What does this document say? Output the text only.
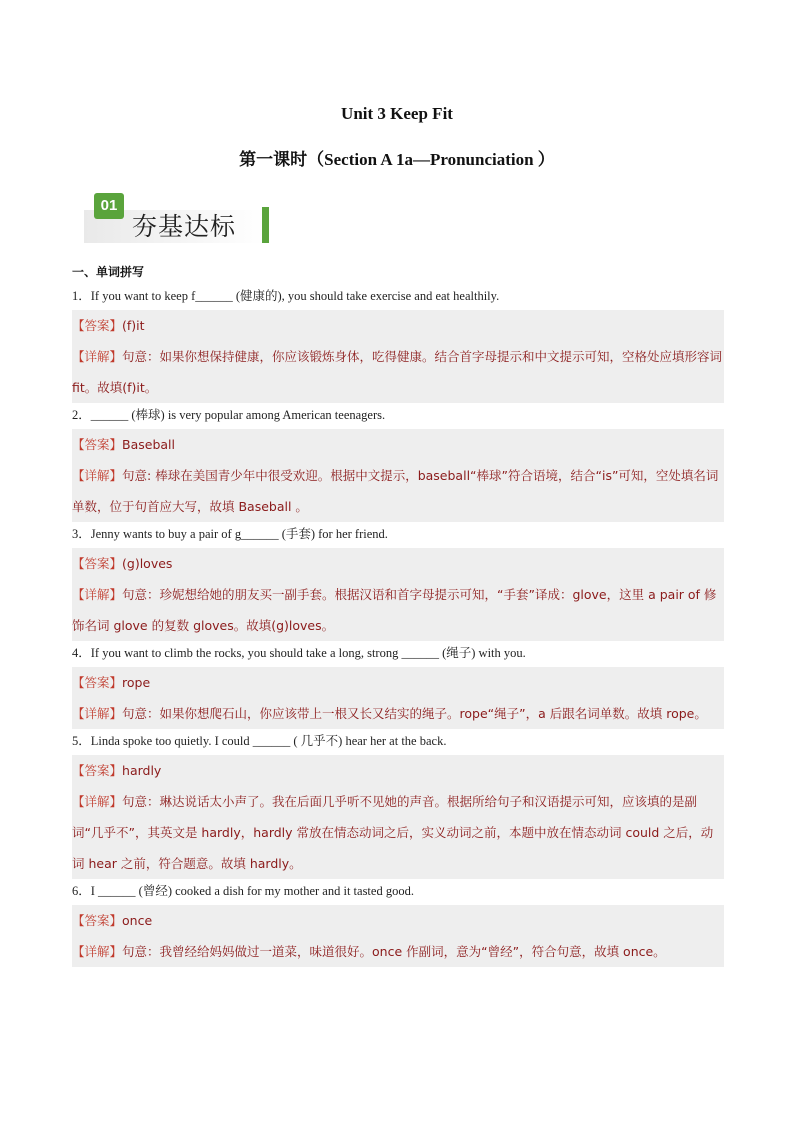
Unit 3 Keep Fit
第一课时（Section A 1a—Pronunciation ）
01
夯基达标
一、单词拼写
1．If you want to keep f______ (健康的), you should take exercise and eat healthily.
【答案】(f)it
【详解】句意：如果你想保持健康，你应该锻炼身体，吃得健康。结合首字母提示和中文提示可知，空格处应填形容词 fit。故填(f)it。
2．______ (棒球) is very popular among American teenagers.
【答案】Baseball
【详解】句意: 棒球在美国青少年中很受欢迎。根据中文提示，baseball“棒球”符合语境，结合“is”可知，空处填名词单数，位于句首应大写，故填 Baseball 。
3．Jenny wants to buy a pair of g______ (手套) for her friend.
【答案】(g)loves
【详解】句意：珍妮想给她的朋友买一副手套。根据汉语和首字母提示可知，“手套”译成：glove，这里 a pair of 修饰名词 glove 的复数 gloves。故填(g)loves。
4．If you want to climb the rocks, you should take a long, strong ______ (绳子) with you.
【答案】rope
【详解】句意：如果你想爬石山，你应该带上一根又长又结实的绳子。rope“绳子”，a 后跟名词单数。故填 rope。
5．Linda spoke too quietly. I could ______ ( 几乎不) hear her at the back.
【答案】hardly
【详解】句意：琳达说话太小声了。我在后面几乎听不见她的声音。根据所给句子和汉语提示可知，应该填的是副词“几乎不”，其英文是 hardly，hardly 常放在情态动词之后，实义动词之前，本题中放在情态动词 could 之后，动词 hear 之前，符合题意。故填 hardly。
6．I ______ (曾经) cooked a dish for my mother and it tasted good.
【答案】once
【详解】句意：我曾经给妈妈做过一道菜，味道很好。once 作副词，意为“曾经”，符合句意，故填 once。
